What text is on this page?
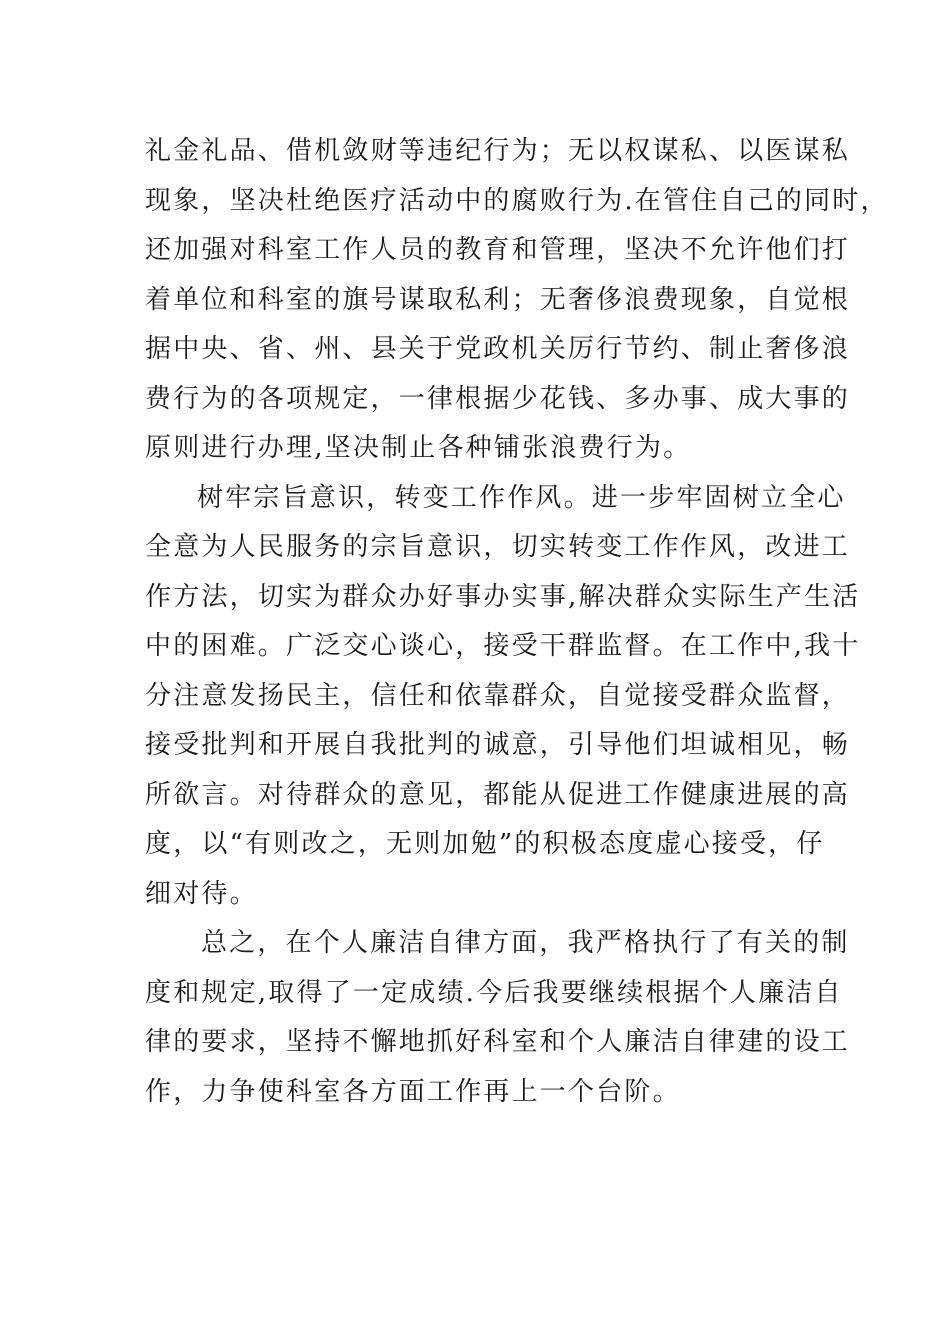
礼金礼品、借机敛财等违纪行为；无以权谋私、以医谋私
现象，坚决杜绝医疗活动中的腐败行为.在管住自己的同时，
还加强对科室工作人员的教育和管理，坚决不允许他们打
着单位和科室的旗号谋取私利；无奢侈浪费现象，自觉根
据中央、省、州、县关于党政机关厉行节约、制止奢侈浪
费行为的各项规定，一律根据少花钱、多办事、成大事的
原则进行办理,坚决制止各种铺张浪费行为。
树牢宗旨意识，转变工作作风。进一步牢固树立全心
全意为人民服务的宗旨意识，切实转变工作作风，改进工
作方法，切实为群众办好事办实事,解决群众实际生产生活
中的困难。广泛交心谈心，接受干群监督。在工作中,我十
分注意发扬民主，信任和依靠群众，自觉接受群众监督，
接受批判和开展自我批判的诚意，引导他们坦诚相见，畅
所欲言。对待群众的意见，都能从促进工作健康进展的高
度，以“有则改之，无则加勉”的积极态度虚心接受，仔
细对待。
总之，在个人廉洁自律方面，我严格执行了有关的制
度和规定,取得了一定成绩.今后我要继续根据个人廉洁自
律的要求，坚持不懈地抓好科室和个人廉洁自律建的设工
作，力争使科室各方面工作再上一个台阶。
